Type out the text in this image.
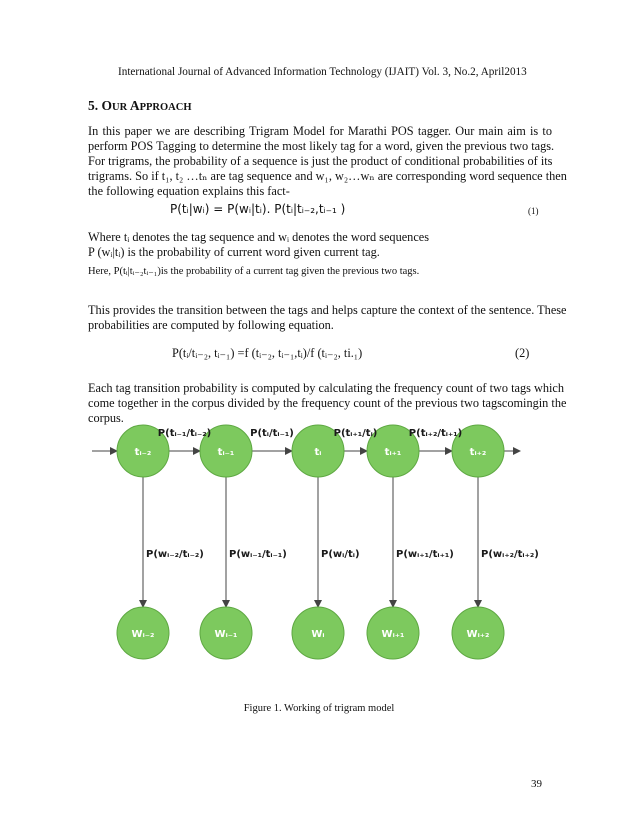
International Journal of Advanced Information Technology (IJAIT) Vol. 3, No.2, April2013
5. OUR APPROACH
In this paper we are describing Trigram Model for Marathi POS tagger. Our main aim is to
perform POS Tagging to determine the most likely tag for a word, given the previous two tags.
For trigrams, the probability of a sequence is just the product of conditional probabilities of its
trigrams. So if t₁, t₂ …tₙ are tag sequence and w₁, w₂…wₙ are corresponding word sequence then
the following equation explains this fact-
P(tᵢ|wᵢ) = P(wᵢ|tᵢ). P(tᵢ|tᵢ₋₂,tᵢ₋₁ )	(1)
Where tᵢ denotes the tag sequence and wᵢ denotes the word sequences
P (wᵢ|tᵢ) is the probability of current word given current tag.
Here, P(tᵢ|tᵢ₋₂tᵢ₋₁)is the probability of a current tag given the previous two tags.
This provides the transition between the tags and helps capture the context of the sentence. These
probabilities are computed by following equation.
P(tᵢ/tᵢ₋₂, tᵢ₋₁) =f (tᵢ₋₂, tᵢ₋₁,tᵢ)/f (tᵢ₋₂, ti.₁)	(2)
Each tag transition probability is computed by calculating the frequency count of two tags which
come together in the corpus divided by the frequency count of the previous two tagscomingin the
corpus.
tᵢ₋₂	tᵢ₋₁	tᵢ	tᵢ₊₁	tᵢ₊₂
Wᵢ₋₂	Wᵢ₋₁	Wᵢ	Wᵢ₊₁	Wᵢ₊₂
P(tᵢ₋₁/tᵢ₋₂)	P(tᵢ/tᵢ₋₁)	P(tᵢ₊₁/tᵢ)	P(tᵢ₊₂/tᵢ₊₁)
P(wᵢ₋₂/tᵢ₋₂)	P(wᵢ₋₁/tᵢ₋₁)	P(wᵢ/tᵢ)	P(wᵢ₊₁/tᵢ₊₁)	P(wᵢ₊₂/tᵢ₊₂)
Figure 1. Working of trigram model
39
